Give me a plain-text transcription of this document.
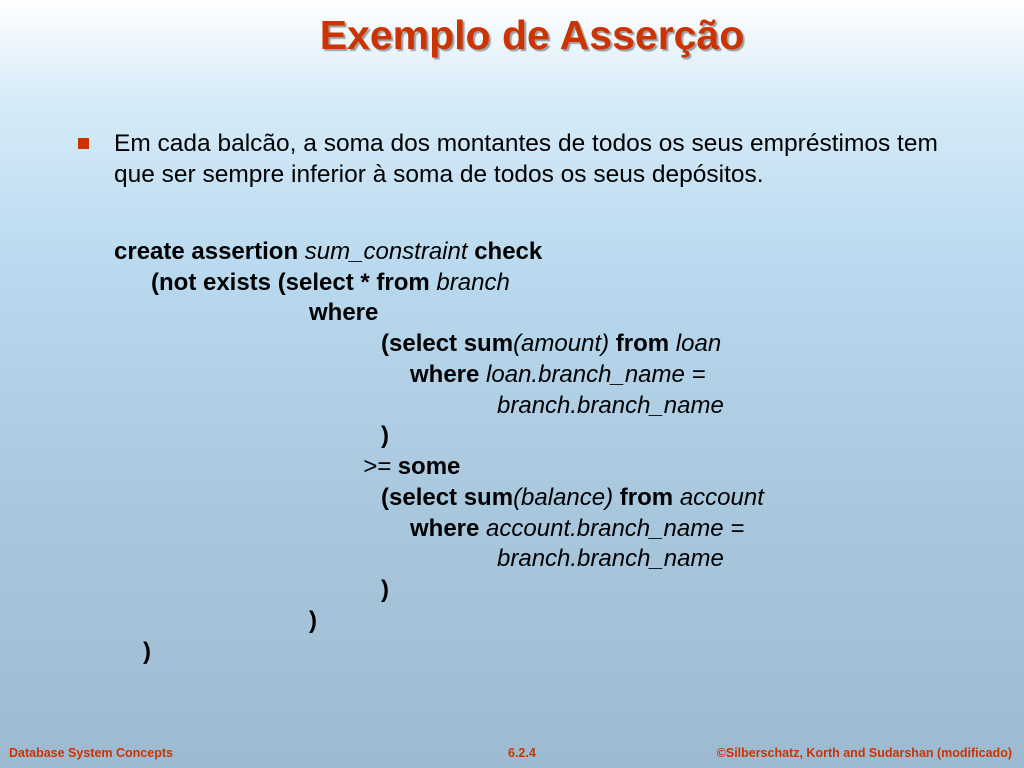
Exemplo de Asserção

Em cada balcão, a soma dos montantes de todos os seus empréstimos tem que ser sempre inferior à soma de todos os seus depósitos.

create assertion sum_constraint check
(not exists (select * from branch
where
(select sum(amount) from loan
where loan.branch_name =
branch.branch_name
)
>= some
(select sum(balance) from account
where account.branch_name =
branch.branch_name
)
)
)
Database System Concepts	6.2.4	©Silberschatz, Korth and Sudarshan (modificado)
